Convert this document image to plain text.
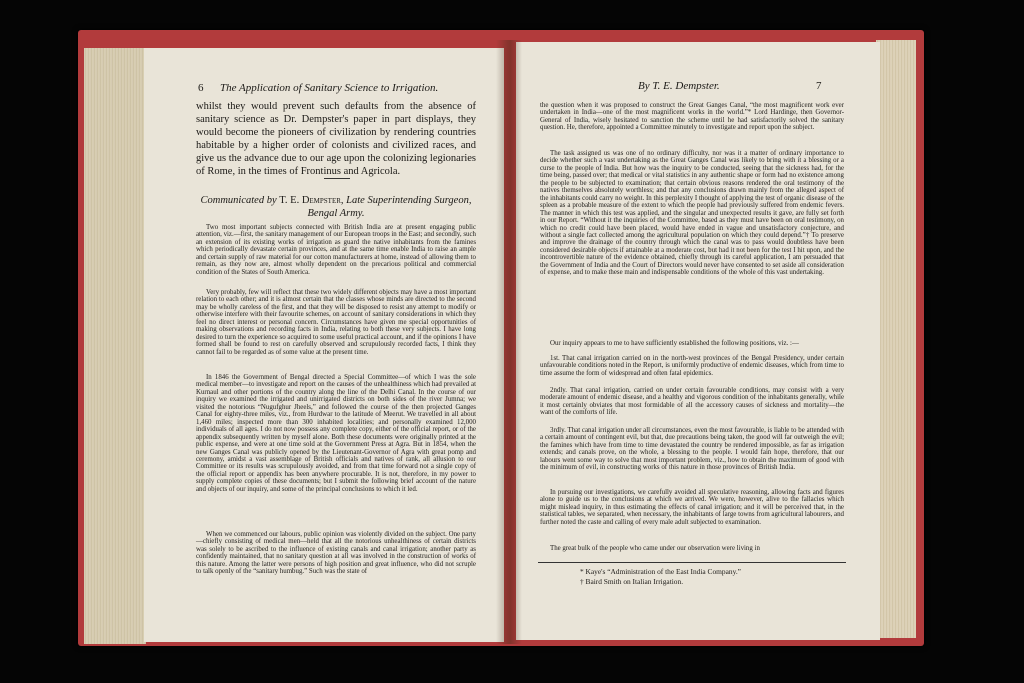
6 The Application of Sanitary Science to Irrigation.

whilst they would prevent such defaults from the absence of sanitary science as Dr. Dempster's paper in part displays, they would become the pioneers of civilization by rendering countries habitable by a higher order of colonists and civilized races, and give us the advance due to our age upon the colonizing legionaries of Rome, in the times of Frontinus and Agricola.

Communicated by T. E. Dempster, Late Superintending Surgeon, Bengal Army.

Two most important subjects connected with British India are at present engaging public attention, viz.—first, the sanitary management of our European troops in the East; and secondly, such an extension of its existing works of irrigation as guard the native inhabitants from the famines which periodically devastate certain provinces, and at the same time enable India to raise an ample and certain supply of raw material for our cotton manufacturers at home, instead of allowing them to remain, as they now are, almost wholly dependent on the precarious political and commercial condition of the States of South America.

Very probably, few will reflect that these two widely different objects may have a most important relation to each other; and it is almost certain that the classes whose minds are directed to the second may be wholly careless of the first, and that they will be disposed to resist any attempt to modify or otherwise interfere with their favourite schemes, on account of sanitary considerations in which they feel no direct interest or personal concern. Circumstances have given me special opportunities of making observations and recording facts in India, relating to both these very subjects. I have long desired to turn the experience so acquired to some useful practical account, and if the opinions I have formed shall be found to rest on carefully observed and scrupulously recorded facts, I think they cannot fail to be regarded as of some value at the present time.

In 1846 the Government of Bengal directed a Special Committee—of which I was the sole medical member—to investigate and report on the causes of the unhealthiness which had prevailed at Kurnaul and other portions of the country along the line of the Delhi Canal. In the course of our inquiry we examined the irrigated and unirrigated districts on both sides of the river Jumna; we visited the notorious “Nugufghur Jheels,” and followed the course of the then projected Ganges Canal for eighty-three miles, viz., from Hurdwar to the latitude of Meerut. We travelled in all about 1,460 miles; inspected more than 300 inhabited localities; and personally examined 12,000 individuals of all ages. I do not now possess any complete copy, either of the official report, or of the appendix subsequently written by myself alone. Both these documents were originally printed at the public expense, and were at one time sold at the Government Press at Agra. But in 1854, when the new Ganges Canal was publicly opened by the Lieutenant-Governor of Agra with great pomp and ceremony, amidst a vast assemblage of British officials and natives of rank, all allusion to our Committee or its results was scrupulously avoided, and from that time forward not a single copy of the official report or appendix has been anywhere procurable. It is not, therefore, in my power to supply complete copies of these documents; but I submit the following brief account of the nature and objects of our inquiry, and some of the principal conclusions to which it led.

When we commenced our labours, public opinion was violently divided on the subject. One party—chiefly consisting of medical men—held that all the notorious unhealthiness of certain districts was solely to be ascribed to the influence of existing canals and canal irrigation; another party as confidently maintained, that no sanitary question at all was involved in the construction of works of this nature. Among the latter were persons of high position and great influence, who did not scruple to talk openly of the “sanitary humbug.” Such was the state of

By T. E. Dempster.	7

the question when it was proposed to construct the Great Ganges Canal, “the most magnificent work ever undertaken in India—one of the most magnificent works in the world.”* Lord Hardinge, then Governor-General of India, wisely hesitated to sanction the scheme until he had satisfactorily solved the sanitary question. He, therefore, appointed a Committee minutely to investigate and report upon the subject.

The task assigned us was one of no ordinary difficulty, nor was it a matter of ordinary importance to decide whether such a vast undertaking as the Great Ganges Canal was likely to bring with it a blessing or a curse to the people of India. But how was the inquiry to be conducted, seeing that the sickness had, for the time being, passed over; that medical or vital statistics in any authentic shape or form had no existence among the people to be subjected to examination; that certain obvious reasons rendered the oral testimony of the natives themselves absolutely worthless; and that any conclusions drawn mainly from the alleged aspect of the inhabitants could carry no weight. In this perplexity I thought of applying the test of organic disease of the spleen as a probable measure of the extent to which the people had previously suffered from endemic fevers. The manner in which this test was applied, and the singular and unexpected results it gave, are fully set forth in our Report. “Without it the inquiries of the Committee, based as they must have been on oral testimony, on which no credit could have been placed, would have ended in vague and unsatisfactory conjecture, and without a single fact collected among the agricultural population on which they could depend.”† To preserve and improve the drainage of the country through which the canal was to pass would doubtless have been considered desirable objects if attainable at a moderate cost, but had it not been for the test I hit upon, and the incontrovertible nature of the evidence obtained, chiefly through its careful application, I am persuaded that the Government of India and the Court of Directors would never have consented to set aside all consideration of expense, and to make these main and indispensable conditions of the whole of this vast undertaking.

Our inquiry appears to me to have sufficiently established the following positions, viz. :—

1st. That canal irrigation carried on in the north-west provinces of the Bengal Presidency, under certain unfavourable conditions noted in the Report, is uniformly productive of endemic diseases, which from time to time assume the form of widespread and often fatal epidemics.

2ndly. That canal irrigation, carried on under certain favourable conditions, may consist with a very moderate amount of endemic disease, and a healthy and vigorous condition of the inhabitants generally, while it most certainly obviates that most formidable of all the accessory causes of sickness and mortality—the want of the comforts of life.

3rdly. That canal irrigation under all circumstances, even the most favourable, is liable to be attended with a certain amount of contingent evil, but that, due precautions being taken, the good will far outweigh the evil; the famines which have from time to time devastated the country be rendered impossible, as far as irrigation extends; and canals prove, on the whole, a blessing to the people. I would fain hope, therefore, that our labours went some way to solve that most important problem, viz., how to obtain the maximum of good with the minimum of evil, in constructing works of this nature in those provinces of British India.

In pursuing our investigations, we carefully avoided all speculative reasoning, allowing facts and figures alone to guide us to the conclusions at which we arrived. We were, however, alive to the fallacies which might mislead inquiry, in thus estimating the effects of canal irrigation; and it will be perceived that, in the statistical tables, we separated, when necessary, the inhabitants of large towns from agricultural labourers, and further noted the caste and calling of every male adult subjected to examination.

The great bulk of the people who came under our observation were living in

* Kaye's “Administration of the East India Company.”
† Baird Smith on Italian Irrigation.
